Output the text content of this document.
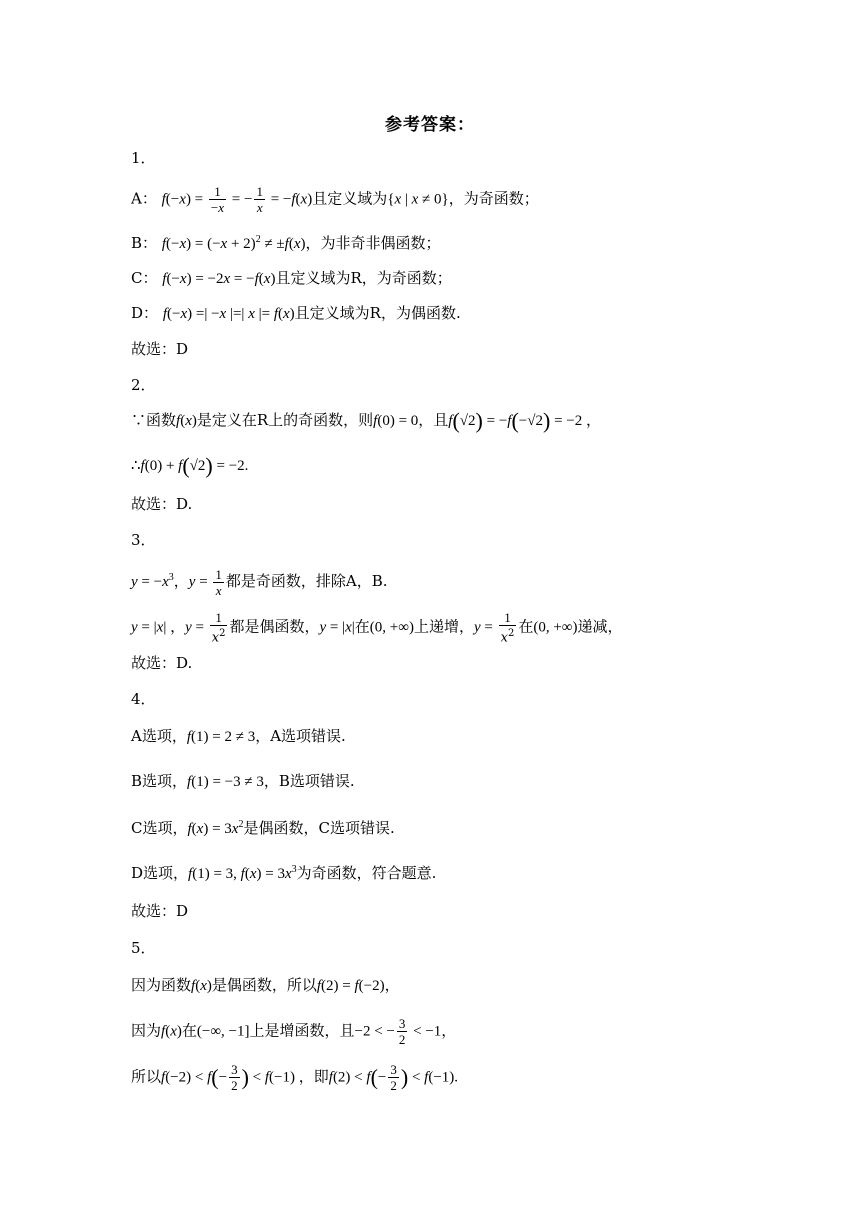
参考答案：
1．
A： $f(-x) = \frac{1}{-x}$ = − $\frac{1}{x} = -f(x)$且定义域为{x | x ≠ 0}，为奇函数；
B： $f(-x) = (-x + 2)^2 \ne \pm f(x)$，为非奇非偶函数；
C： f(−x) = −2x = −f(x)且定义域为R，为奇函数；
D： f(−x) =| −x |=| x |= f(x)且定义域为R，为偶函数.
故选：D
2．
∵函数f(x)是定义在R上的奇函数，则f(0) = 0，且f(√2) = −f(−√2) = −2 ，
∴f(0) + f(√2) = −2.
故选：D.
3．
$y = -x^3$，$y = \frac{1}{x}$ 都是奇函数，排除A，B.
y = |x| ，$y = \frac{1}{x^2}$ 都是偶函数，y = |x|在(0, +∞)上递增，$y = \frac{1}{x^2}$ 在(0, +∞)递减，
故选：D.
4．
A选项，f(1) = 2 ≠ 3，A选项错误.
B选项，f(1) = −3 ≠ 3，B选项错误.
C选项，$f(x) = 3x^2$是偶函数，C选项错误.
D选项，f(1) = 3, $f(x) = 3x^3$为奇函数，符合题意.
故选：D
5．
因为函数f(x)是偶函数，所以f(2) = f(−2)，
因为f(x)在(−∞, −1]上是增函数，且−2 < − $\frac{3}{2} < -1$，
所以$f(-2) < f(- \frac{3}{2}$ ) < f(−1) ，即$f(2) < f(- \frac{3}{2}$ ) < f(−1).
